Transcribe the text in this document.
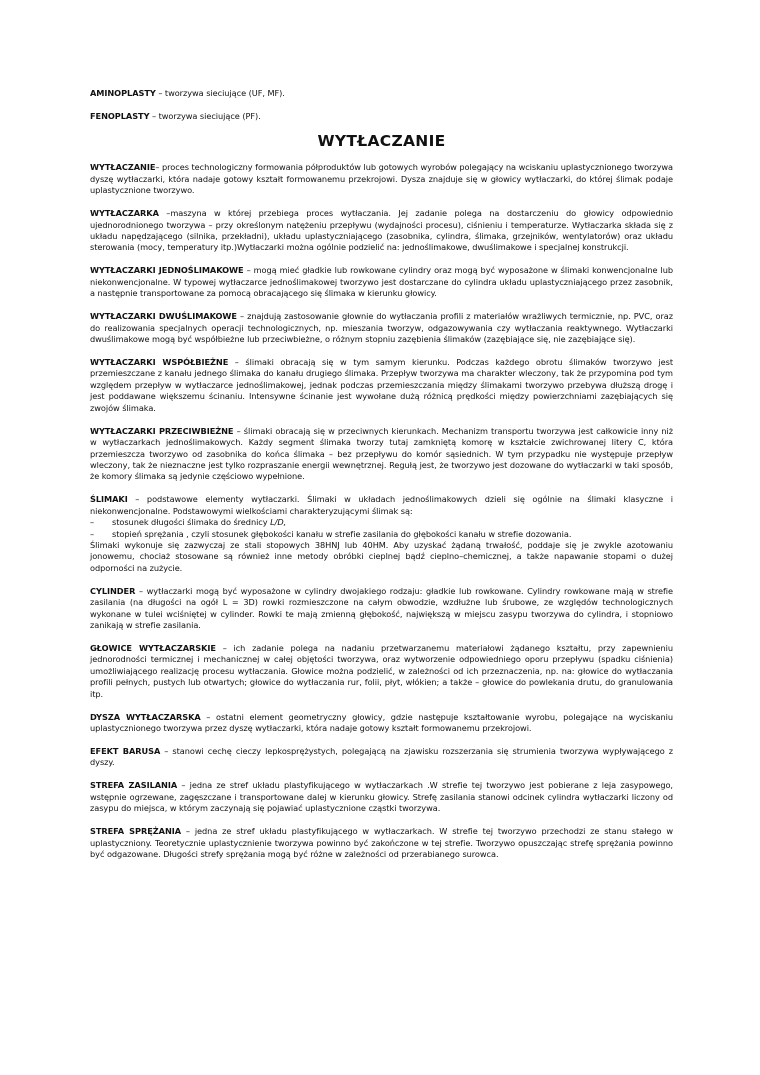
AMINOPLASTY – tworzywa sieciujące (UF, MF).

FENOPLASTY – tworzywa sieciujące (PF).

WYTŁACZANIE

WYTŁACZANIE– proces technologiczny formowania półproduktów lub gotowych wyrobów polegający na wciskaniu uplastycznionego tworzywa dyszę wytłaczarki, która nadaje gotowy kształt formowanemu przekrojowi. Dysza znajduje się w głowicy wytłaczarki, do której ślimak podaje uplastycznione tworzywo.

WYTŁACZARKA –maszyna w której przebiega proces wytłaczania. Jej zadanie polega na dostarczeniu do głowicy odpowiednio ujednorodnionego tworzywa – przy określonym natężeniu przepływu (wydajności procesu), ciśnieniu i temperaturze. Wytłaczarka składa się z układu napędzającego (silnika, przekładni), układu uplastyczniającego (zasobnika, cylindra, ślimaka, grzejników, wentylatorów) oraz układu sterowania (mocy, temperatury itp.)Wytłaczarki można ogólnie podzielić na: jednoślimakowe, dwuślimakowe i specjalnej konstrukcji.

WYTŁACZARKI JEDNOŚLIMAKOWE – mogą mieć gładkie lub rowkowane cylindry oraz mogą być wyposażone w ślimaki konwencjonalne lub niekonwencjonalne. W typowej wytłaczarce jednoślimakowej tworzywo jest dostarczane do cylindra układu uplastyczniającego przez zasobnik, a następnie transportowane za pomocą obracającego się ślimaka w kierunku głowicy.

WYTŁACZARKI DWUŚLIMAKOWE – znajdują zastosowanie głownie do wytłaczania profili z materiałów wrażliwych termicznie, np. PVC, oraz do realizowania specjalnych operacji technologicznych, np. mieszania tworzyw, odgazowywania czy wytłaczania reaktywnego. Wytłaczarki dwuślimakowe mogą być współbieżne lub przeciwbieżne, o różnym stopniu zazębienia ślimaków (zazębiające się, nie zazębiające się).

WYTŁACZARKI WSPÓŁBIEŻNE – ślimaki obracają się w tym samym kierunku. Podczas każdego obrotu ślimaków tworzywo jest przemieszczane z kanału jednego ślimaka do kanału drugiego ślimaka. Przepływ tworzywa ma charakter wleczony, tak że przypomina pod tym względem przepływ w wytłaczarce jednoślimakowej, jednak podczas przemieszczania między ślimakami tworzywo przebywa dłuższą drogę i jest poddawane większemu ścinaniu. Intensywne ścinanie jest wywołane dużą różnicą prędkości między powierzchniami zazębiających się zwojów ślimaka.

WYTŁACZARKI PRZECIWBIEŻNE – ślimaki obracają się w przeciwnych kierunkach. Mechanizm transportu tworzywa jest całkowicie inny niż w wytłaczarkach jednoślimakowych. Każdy segment ślimaka tworzy tutaj zamkniętą komorę w kształcie zwichrowanej litery C, która przemieszcza tworzywo od zasobnika do końca ślimaka – bez przepływu do komór sąsiednich. W tym przypadku nie występuje przepływ wleczony, tak że nieznaczne jest tylko rozpraszanie energii wewnętrznej. Regułą jest, że tworzywo jest dozowane do wytłaczarki w taki sposób, że komory ślimaka są jedynie częściowo wypełnione.

ŚLIMAKI – podstawowe elementy wytłaczarki. Ślimaki w układach jednoślimakowych dzieli się ogólnie na ślimaki klasyczne i niekonwencjonalne. Podstawowymi wielkościami charakteryzującymi ślimak są:

–	stosunek długości ślimaka do średnicy L/D,
–	stopień sprężania , czyli stosunek głębokości kanału w strefie zasilania do głębokości kanału w strefie dozowania.

Ślimaki wykonuje się zazwyczaj ze stali stopowych 38HNJ lub 40HM. Aby uzyskać żądaną trwałość, poddaje się je zwykle azotowaniu jonowemu, chociaż stosowane są również inne metody obróbki cieplnej bądź cieplno–chemicznej, a także napawanie stopami o dużej odporności na zużycie.

CYLINDER – wytłaczarki mogą być wyposażone w cylindry dwojakiego rodzaju: gładkie lub rowkowane. Cylindry rowkowane mają w strefie zasilania (na długości na ogół L = 3D) rowki rozmieszczone na całym obwodzie, wzdłużne lub śrubowe, ze względów technologicznych wykonane w tulei wciśniętej w cylinder. Rowki te mają zmienną głębokość, największą w miejscu zasypu tworzywa do cylindra, i stopniowo zanikają w strefie zasilania.

GŁOWICE WYTŁACZARSKIE – ich zadanie polega na nadaniu przetwarzanemu materiałowi żądanego kształtu, przy zapewnieniu jednorodności termicznej i mechanicznej w całej objętości tworzywa, oraz wytworzenie odpowiedniego oporu przepływu (spadku ciśnienia) umożliwiającego realizację procesu wytłaczania. Głowice można podzielić, w zależności od ich przeznaczenia, np. na: głowice do wytłaczania profili pełnych, pustych lub otwartych; głowice do wytłaczania rur, folii, płyt, włókien; a także – głowice do powlekania drutu, do granulowania itp.

DYSZA WYTŁACZARSKA – ostatni element geometryczny głowicy, gdzie następuje kształtowanie wyrobu, polegające na wyciskaniu uplastycznionego tworzywa przez dyszę wytłaczarki, która nadaje gotowy kształt formowanemu przekrojowi.

EFEKT BARUSA – stanowi cechę cieczy lepkosprężystych, polegającą na zjawisku rozszerzania się strumienia tworzywa wypływającego z dyszy.

STREFA ZASILANIA – jedna ze stref układu plastyfikującego w wytłaczarkach .W strefie tej tworzywo jest pobierane z leja zasypowego, wstępnie ogrzewane, zagęszczane i transportowane dalej w kierunku głowicy. Strefę zasilania stanowi odcinek cylindra wytłaczarki liczony od zasypu do miejsca, w którym zaczynają się pojawiać uplastycznione cząstki tworzywa.

STREFA SPRĘŻANIA – jedna ze stref układu plastyfikującego w wytłaczarkach. W strefie tej tworzywo przechodzi ze stanu stałego w uplastyczniony. Teoretycznie uplastycznienie tworzywa powinno być zakończone w tej strefie. Tworzywo opuszczając strefę sprężania powinno być odgazowane. Długości strefy sprężania mogą być różne w zależności od przerabianego surowca.
